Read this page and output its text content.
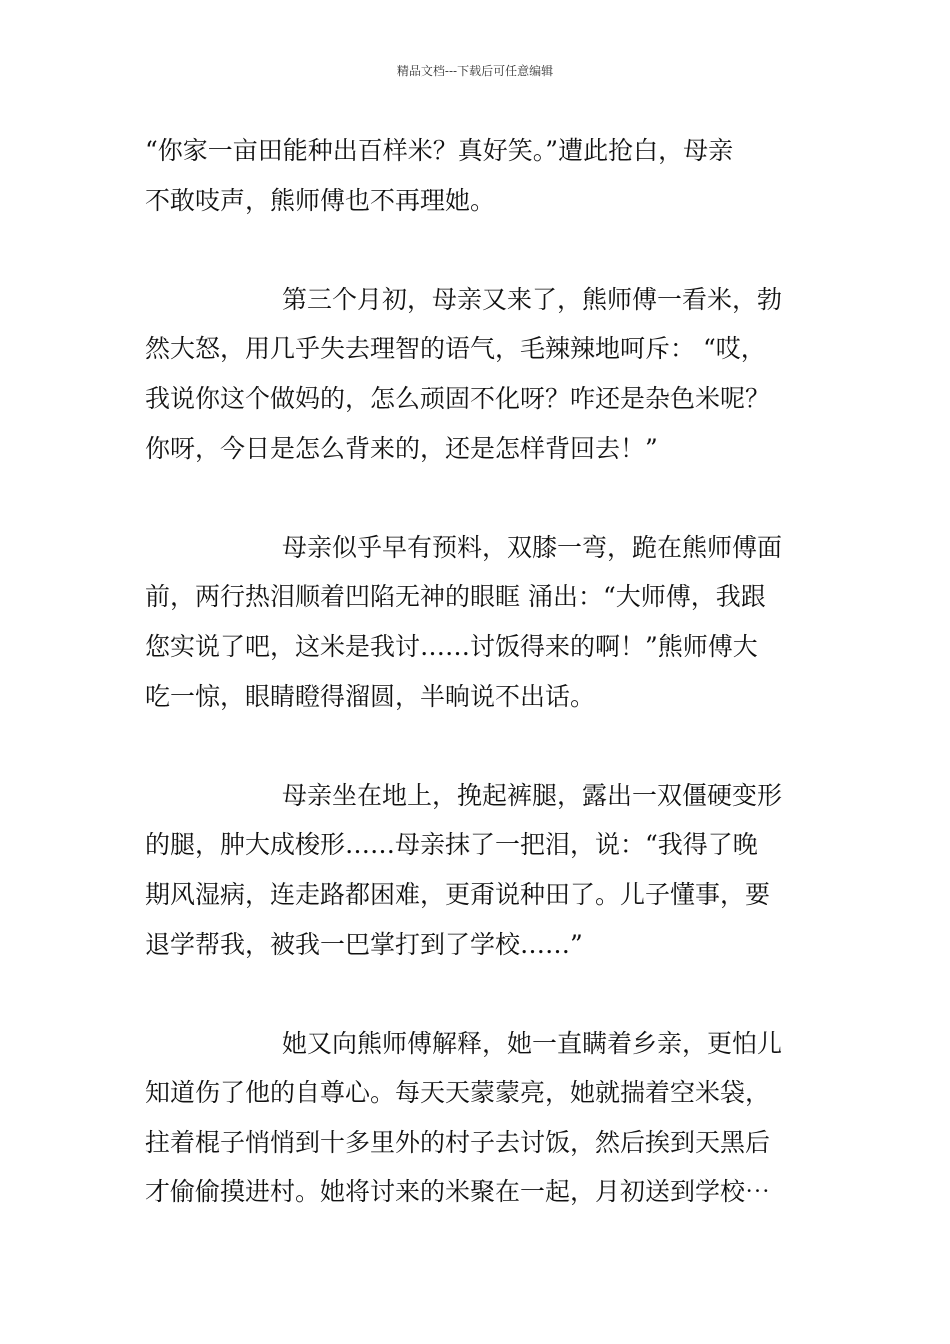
精品文档---下载后可任意编辑
“你家一亩田能种出百样米？真好笑。”遭此抢白，母亲
不敢吱声，熊师傅也不再理她。
第三个月初，母亲又来了，熊师傅一看米，勃
然大怒，用几乎失去理智的语气，毛辣辣地呵斥： “哎，
我说你这个做妈的，怎么顽固不化呀？咋还是杂色米呢？
你呀，今日是怎么背来的，还是怎样背回去！”
母亲似乎早有预料，双膝一弯，跪在熊师傅面
前，两行热泪顺着凹陷无神的眼眶 涌出：“大师傅，我跟
您实说了吧，这米是我讨……讨饭得来的啊！”熊师傅大
吃一惊，眼睛瞪得溜圆，半晌说不出话。
母亲坐在地上，挽起裤腿，露出一双僵硬变形
的腿，肿大成梭形……母亲抹了一把泪，说：“我得了晚
期风湿病，连走路都困难，更甭说种田了。儿子懂事，要
退学帮我，被我一巴掌打到了学校……”
她又向熊师傅解释，她一直瞒着乡亲，更怕儿
知道伤了他的自尊心。每天天蒙蒙亮，她就揣着空米袋，
拄着棍子悄悄到十多里外的村子去讨饭，然后挨到天黑后
才偷偷摸进村。她将讨来的米聚在一起，月初送到学校⋯
